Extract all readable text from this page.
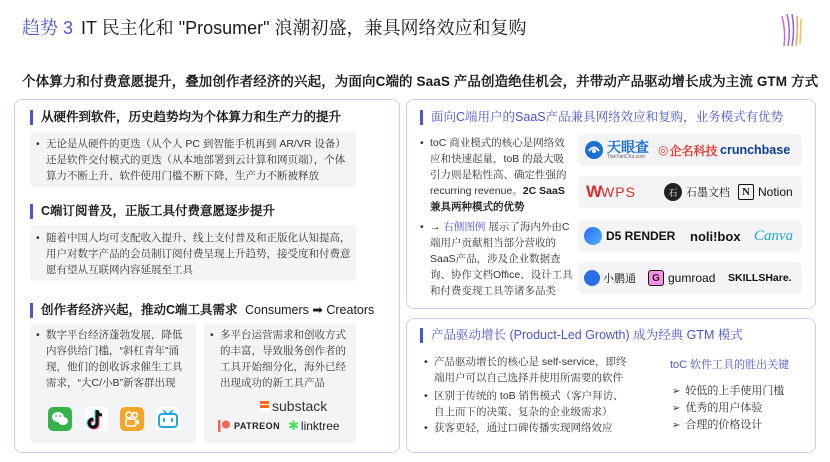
趋势 3 IT 民主化和 "Prosumer" 浪潮初盛，兼具网络效应和复购
个体算力和付费意愿提升，叠加创作者经济的兴起，为面向C端的 SaaS 产品创造绝佳机会，并带动产品驱动增长成为主流 GTM 方式
从硬件到软件，历史趋势均为个体算力和生产力的提升
• 无论是从硬件的更迭（从个人 PC 到智能手机再到 AR/VR 设备）还是软件交付模式的更迭（从本地部署到云计算和网页端），个体算力不断上升、软件使用门槛不断下降，生产力不断被释放
C端订阅普及，正版工具付费意愿逐步提升
• 随着中国人均可支配收入提升、线上支付普及和正版化认知提高，用户对数字产品的会员制订阅付费呈现上升趋势，接受度和付费意愿有望从互联网内容延展至工具
创作者经济兴起，推动C端工具需求 Consumers ➡ Creators
• 数字平台经济蓬勃发展，降低内容供给门槛，“斜杠青年”涌现，他们的创收诉求催生工具需求，“大C/小B”新客群出现
• 多平台运营需求和创收方式的丰富，导致服务创作者的工具开始细分化，海外已经出现成功的新工具产品
substack
PATREON ✱ linktree
面向C端用户的SaaS产品兼具网络效应和复购，业务模式有优势
• toC 商业模式的核心是网络效应和快速起量，toB 的最大吸引力则是粘性高、确定性强的 recurring revenue。2C SaaS 兼具两种模式的优势
• → 右侧图例 展示了海内外由C端用户贡献相当部分营收的SaaS产品，涉及企业数据查询、协作文档Office、设计工具和付费变现工具等诸多品类
天眼查
TianYanCha.com	◎ 企名科技 crunchbase
W WPS	石 石墨文档	N Notion
D5 RENDER noli!box Canva
小鹏通	G gumroad SKILLSHare.
产品驱动增长 (Product-Led Growth) 成为经典 GTM 模式
• 产品驱动增长的核心是 self-service，即终端用户可以自己选择并使用所需要的软件
• 区别于传统的 toB 销售模式（客户拜访、自上而下的决策、复杂的企业级需求）
• 获客更轻，通过口碑传播实现网络效应
toC 软件工具的胜出关键
➢ 较低的上手使用门槛
➢ 优秀的用户体验
➢ 合理的价格设计
